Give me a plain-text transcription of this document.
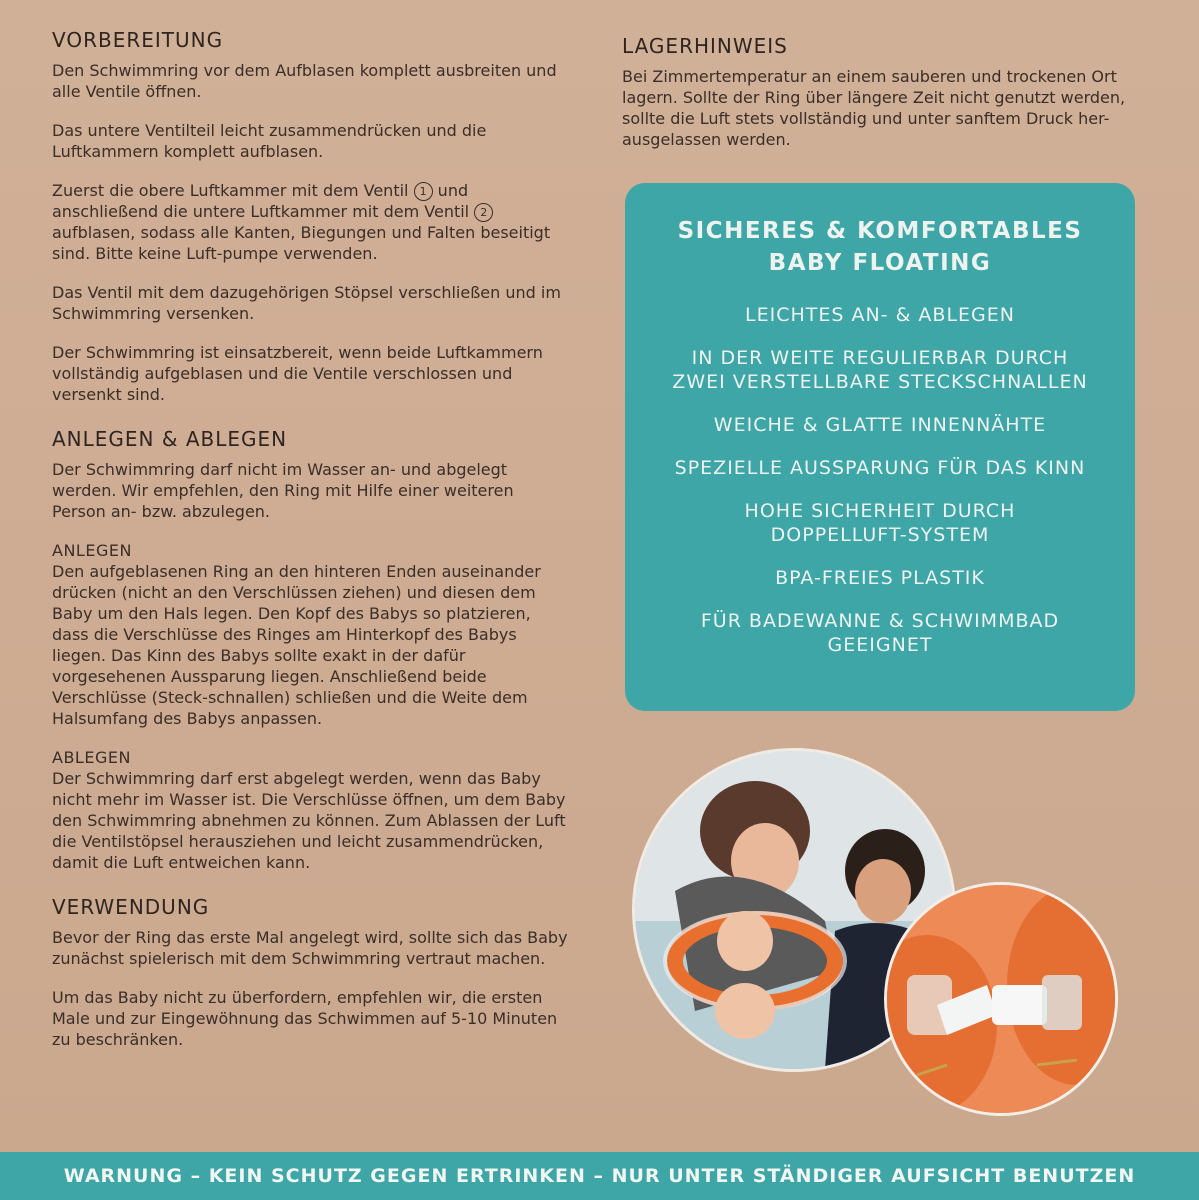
VORBEREITUNG

Den Schwimmring vor dem Aufblasen komplett ausbreiten und alle Ventile öffnen.

Das untere Ventilteil leicht zusammendrücken und die Luftkammern komplett aufblasen.

Zuerst die obere Luftkammer mit dem Ventil 1 und anschließend die untere Luftkammer mit dem Ventil 2 aufblasen, sodass alle Kanten, Biegungen und Falten beseitigt sind. Bitte keine Luft-pumpe verwenden.

Das Ventil mit dem dazugehörigen Stöpsel verschließen und im Schwimmring versenken.

Der Schwimmring ist einsatzbereit, wenn beide Luftkammern vollständig aufgeblasen und die Ventile verschlossen und versenkt sind.

ANLEGEN & ABLEGEN

Der Schwimmring darf nicht im Wasser an- und abgelegt werden. Wir empfehlen, den Ring mit Hilfe einer weiteren Person an- bzw. abzulegen.

ANLEGEN

Den aufgeblasenen Ring an den hinteren Enden auseinander drücken (nicht an den Verschlüssen ziehen) und diesen dem Baby um den Hals legen. Den Kopf des Babys so platzieren, dass die Verschlüsse des Ringes am Hinterkopf des Babys liegen. Das Kinn des Babys sollte exakt in der dafür vorgesehenen Aussparung liegen. Anschließend beide Verschlüsse (Steck-schnallen) schließen und die Weite dem Halsumfang des Babys anpassen.

ABLEGEN

Der Schwimmring darf erst abgelegt werden, wenn das Baby nicht mehr im Wasser ist. Die Verschlüsse öffnen, um dem Baby den Schwimmring abnehmen zu können. Zum Ablassen der Luft die Ventilstöpsel herausziehen und leicht zusammendrücken, damit die Luft entweichen kann.

VERWENDUNG

Bevor der Ring das erste Mal angelegt wird, sollte sich das Baby zunächst spielerisch mit dem Schwimmring vertraut machen.

Um das Baby nicht zu überfordern, empfehlen wir, die ersten Male und zur Eingewöhnung das Schwimmen auf 5-10 Minuten zu beschränken.

LAGERHINWEIS

Bei Zimmertemperatur an einem sauberen und trockenen Ort lagern. Sollte der Ring über längere Zeit nicht genutzt werden, sollte die Luft stets vollständig und unter sanftem Druck her-ausgelassen werden.

SICHERES & KOMFORTABLES
BABY FLOATING
LEICHTES AN- & ABLEGEN
IN DER WEITE REGULIERBAR DURCH ZWEI VERSTELLBARE STECKSCHNALLEN
WEICHE & GLATTE INNENNÄHTE
SPEZIELLE AUSSPARUNG FÜR DAS KINN
HOHE SICHERHEIT DURCH DOPPELLUFT-SYSTEM
BPA-FREIES PLASTIK
FÜR BADEWANNE & SCHWIMMBAD GEEIGNET
WARNUNG – KEIN SCHUTZ GEGEN ERTRINKEN – NUR UNTER STÄNDIGER AUFSICHT BENUTZEN
